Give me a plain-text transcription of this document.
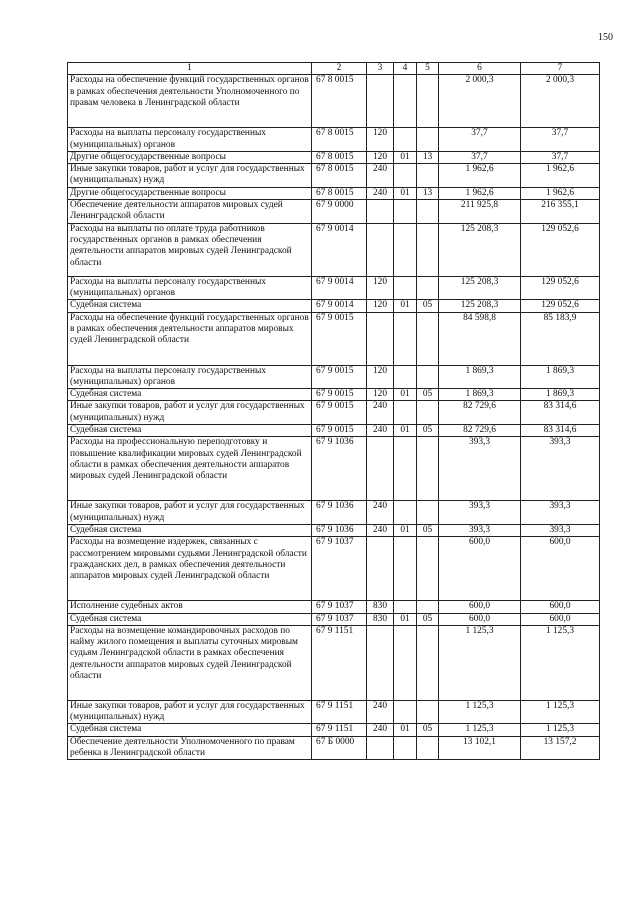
150
1	2	3	4	5	6	7
Расходы на обеспечение функций государственных органов в рамках обеспечения деятельности Уполномоченного по правам человека в Ленинградской области	67 8 0015				2 000,3	2 000,3
Расходы на выплаты персоналу государственных (муниципальных) органов	67 8 0015	120			37,7	37,7
Другие общегосударственные вопросы	67 8 0015	120	01	13	37,7	37,7
Иные закупки товаров, работ и услуг для государственных (муниципальных) нужд	67 8 0015	240			1 962,6	1 962,6
Другие общегосударственные вопросы	67 8 0015	240	01	13	1 962,6	1 962,6
Обеспечение деятельности аппаратов мировых судей Ленинградской области	67 9 0000				211 925,8	216 355,1
Расходы на выплаты по оплате труда работников государственных органов в рамках обеспечения деятельности аппаратов мировых судей Ленинградской области	67 9 0014				125 208,3	129 052,6
Расходы на выплаты персоналу государственных (муниципальных) органов	67 9 0014	120			125 208,3	129 052,6
Судебная система	67 9 0014	120	01	05	125 208,3	129 052,6
Расходы на обеспечение функций государственных органов в рамках обеспечения деятельности аппаратов мировых судей Ленинградской области	67 9 0015				84 598,8	85 183,9
Расходы на выплаты персоналу государственных (муниципальных) органов	67 9 0015	120			1 869,3	1 869,3
Судебная система	67 9 0015	120	01	05	1 869,3	1 869,3
Иные закупки товаров, работ и услуг для государственных (муниципальных) нужд	67 9 0015	240			82 729,6	83 314,6
Судебная система	67 9 0015	240	01	05	82 729,6	83 314,6
Расходы на профессиональную переподготовку и повышение квалификации мировых судей Ленинградской области в рамках обеспечения деятельности аппаратов мировых судей Ленинградской области	67 9 1036				393,3	393,3
Иные закупки товаров, работ и услуг для государственных (муниципальных) нужд	67 9 1036	240			393,3	393,3
Судебная система	67 9 1036	240	01	05	393,3	393,3
Расходы на возмещение издержек, связанных с рассмотрением мировыми судьями Ленинградской области гражданских дел, в рамках обеспечения деятельности аппаратов мировых судей Ленинградской области	67 9 1037				600,0	600,0
Исполнение судебных актов	67 9 1037	830			600,0	600,0
Судебная система	67 9 1037	830	01	05	600,0	600,0
Расходы на возмещение командировочных расходов по найму жилого помещения и выплаты суточных мировым судьям Ленинградской области в рамках обеспечения деятельности аппаратов мировых судей Ленинградской области	67 9 1151				1 125,3	1 125,3
Иные закупки товаров, работ и услуг для государственных (муниципальных) нужд	67 9 1151	240			1 125,3	1 125,3
Судебная система	67 9 1151	240	01	05	1 125,3	1 125,3
Обеспечение деятельности Уполномоченного по правам ребенка в Ленинградской области	67 Б 0000				13 102,1	13 157,2
